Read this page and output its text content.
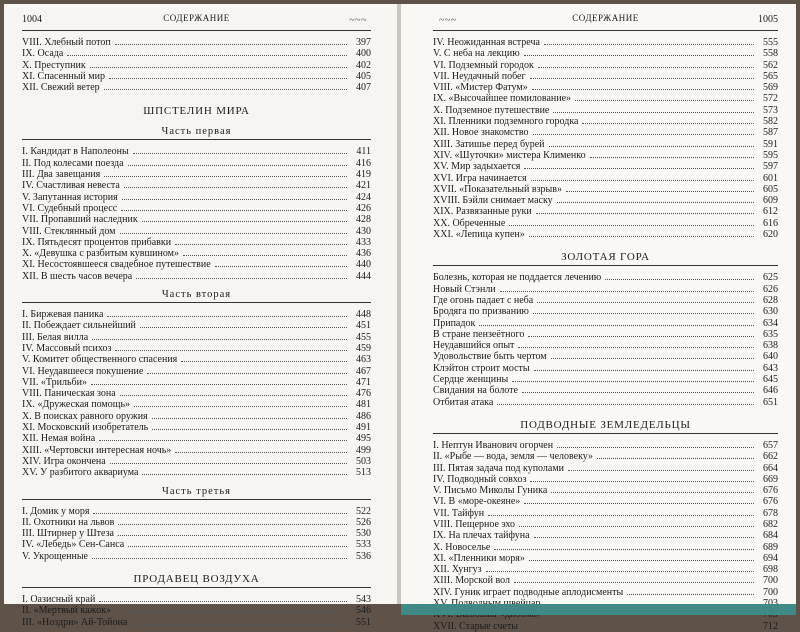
1004	СОДЕРЖАНИЕ	~~~
VIII. Хлебный потоп	397
IX. Осада	400
X. Преступник	402
XI. Спасенный мир	405
XII. Свежий ветер	407
ШПСТЕЛИН МИРА
Часть первая
I. Кандидат в Наполеоны	411
II. Под колесами поезда	416
III. Два завещания	419
IV. Счастливая невеста	421
V. Запутанная история	424
VI. Судебный процесс	426
VII. Пропавший наследник	428
VIII. Стеклянный дом	430
IX. Пятьдесят процентов прибавки	433
X. «Девушка с разбитым кувшином»	436
XI. Несостоявшееся свадебное путешествие	440
XII. В шесть часов вечера	444
Часть вторая
I. Биржевая паника	448
II. Побеждает сильнейший	451
III. Белая вилла	455
IV. Массовый психоз	459
V. Комитет общественного спасения	463
VI. Неудавшееся покушение	467
VII. «Трильби»	471
VIII. Паническая зона	476
IX. «Дружеская помощь»	481
X. В поисках равного оружия	486
XI. Московский изобретатель	491
XII. Немая война	495
XIII. «Чертовски интересная ночь»	499
XIV. Игра окончена	503
XV. У разбитого аквариума	513
Часть третья
I. Домик у моря	522
II. Охотники на львов	526
III. Штирнер у Штеза	530
IV. «Лебедь» Сен-Санса	533
V. Укрощенные	536
ПРОДАВЕЦ ВОЗДУХА
I. Оазисный край	543
II. «Мертвый кажок»	546
III. «Ноздри» Ай-Тойона	551
~~~	СОДЕРЖАНИЕ	1005
IV. Неожиданная встреча	555
V. С неба на лекцию	558
VI. Подземный городок	562
VII. Неудачный побег	565
VIII. «Мистер Фатум»	569
IX. «Высочайшее помилование»	572
X. Подземное путешествие	573
XI. Пленники подземного городка	582
XII. Новое знакомство	587
XIII. Затишье перед бурей	591
XIV. «Шуточки» мистера Клименко	595
XV. Мир задыхается	597
XVI. Игра начинается	601
XVII. «Показательный взрыв»	605
XVIII. Бэйли снимает маску	609
XIX. Развязанные руки	612
XX. Обреченные	616
XXI. «Лепица купен»	620
ЗОЛОТАЯ ГОРА
Болезнь, которая не поддается лечению	625
Новый Стэнли	626
Где огонь падает с неба	628
Бродяга по призванию	630
Припадок	634
В стране пензеётного	635
Неудавшийся опыт	638
Удовольствие быть чертом	640
Клэйтон строит мосты	643
Сердце женщины	645
Свидания на болоте	646
Отбитая атака	651
ПОДВОДНЫЕ ЗЕМЛЕДЕЛЬЦЫ
I. Нептун Иванович огорчен	657
II. «Рыбе — вода, земля — человеку»	662
III. Пятая задача под куполами	664
IV. Подводный совхоз	669
V. Письмо Миколы Гуника	676
VI. В «море-океяне»	676
VII. Тайфун	678
VIII. Пещерное эхо	682
IX. На плечах тайфуна	684
X. Новоселье	689
XI. «Пленники моря»	694
XII. Хунгуз	698
XIII. Морской вол	700
XIV. Гуник играет подводные аплодисменты	700
XVII. Старые счеты	712
